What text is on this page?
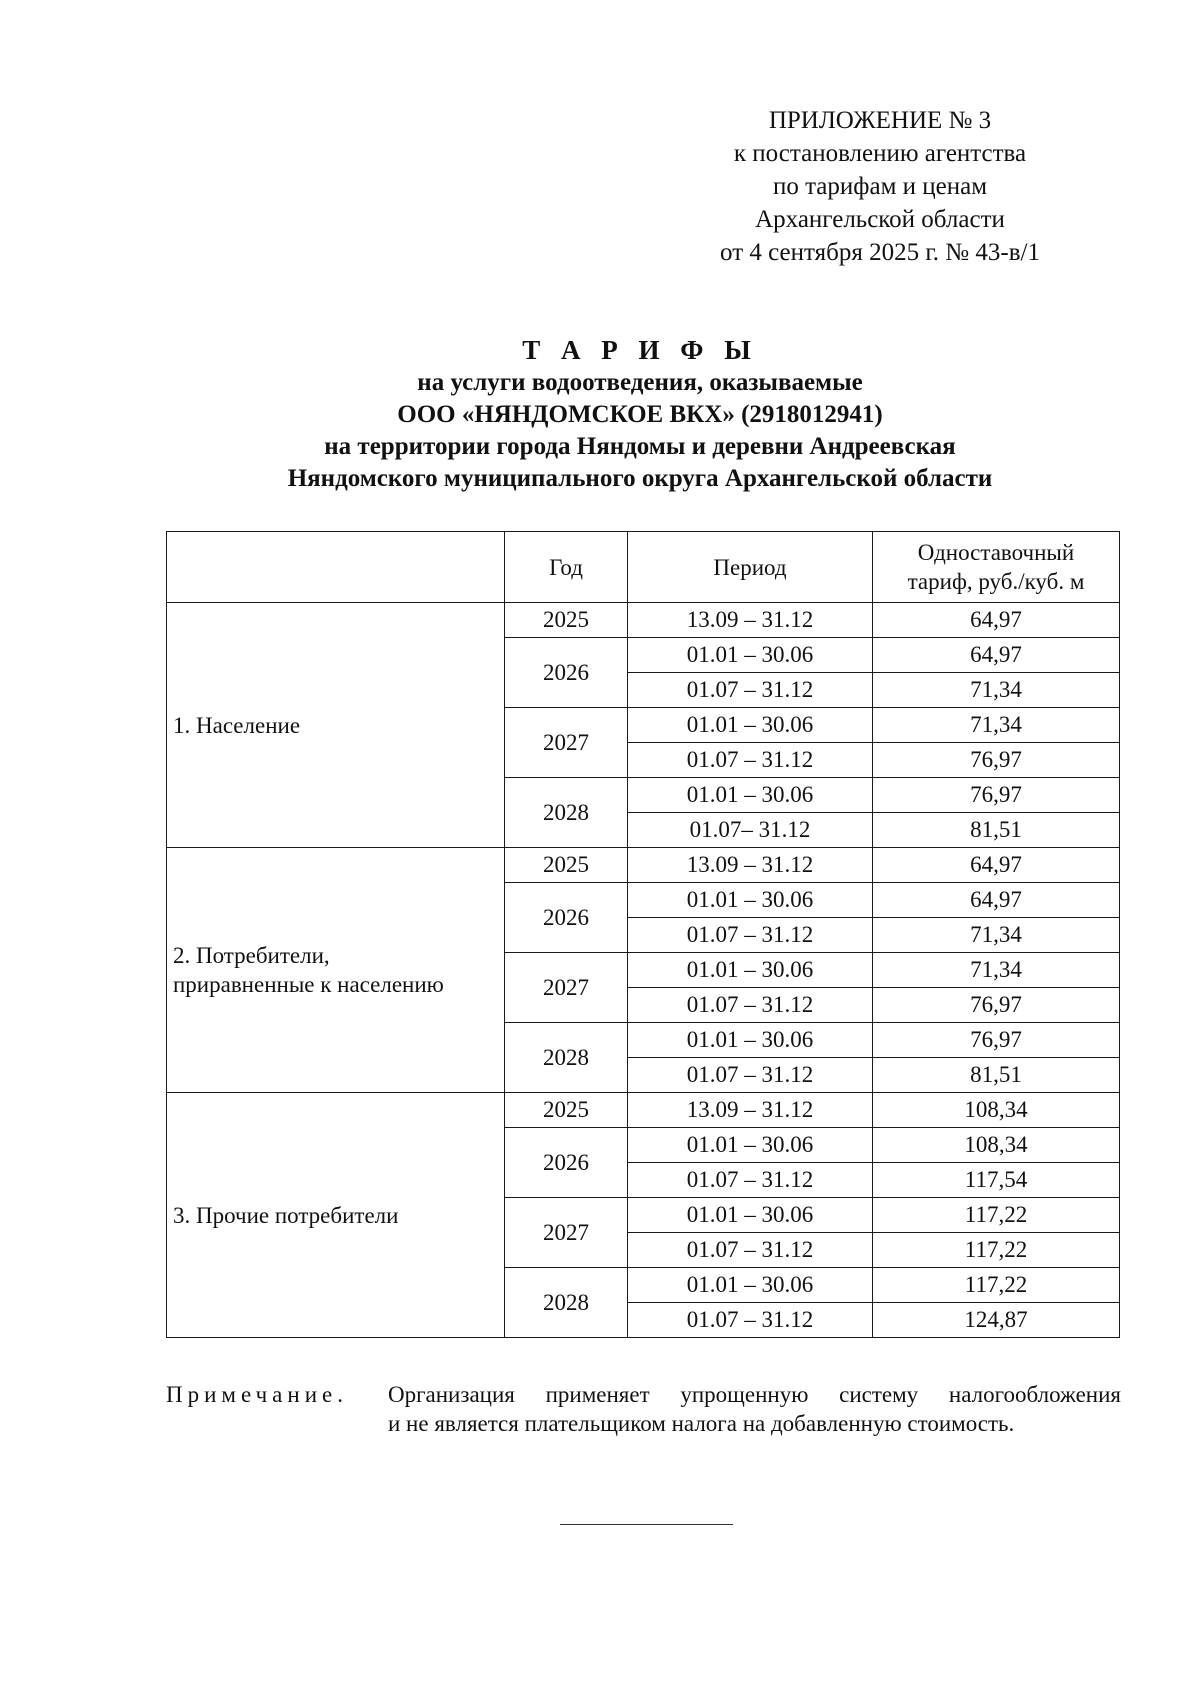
ПРИЛОЖЕНИЕ № 3
к постановлению агентства
по тарифам и ценам
Архангельской области
от 4 сентября 2025 г. № 43-в/1
Т А Р И Ф Ы
на услуги водоотведения, оказываемые
ООО «НЯНДОМСКОЕ ВКХ» (2918012941)
на территории города Няндомы и деревни Андреевская
Няндомского муниципального округа Архангельской области
	Год	Период	Одноставочный
тариф, руб./куб. м

1. Население	2025	13.09 – 31.12	64,97
	2026	01.01 – 30.06	64,97
		01.07 – 31.12	71,34
	2027	01.01 – 30.06	71,34
		01.07 – 31.12	76,97
	2028	01.01 – 30.06	76,97
		01.07– 31.12	81,51

2. Потребители,
приравненные к населению	2025	13.09 – 31.12	64,97
	2026	01.01 – 30.06	64,97
		01.07 – 31.12	71,34
	2027	01.01 – 30.06	71,34
		01.07 – 31.12	76,97
	2028	01.01 – 30.06	76,97
		01.07 – 31.12	81,51

3. Прочие потребители	2025	13.09 – 31.12	108,34
	2026	01.01 – 30.06	108,34
		01.07 – 31.12	117,54
	2027	01.01 – 30.06	117,22
		01.07 – 31.12	117,22
	2028	01.01 – 30.06	117,22
		01.07 – 31.12	124,87
Примечание. Организация применяет упрощенную систему налогообложения
и не является плательщиком налога на добавленную стоимость.
